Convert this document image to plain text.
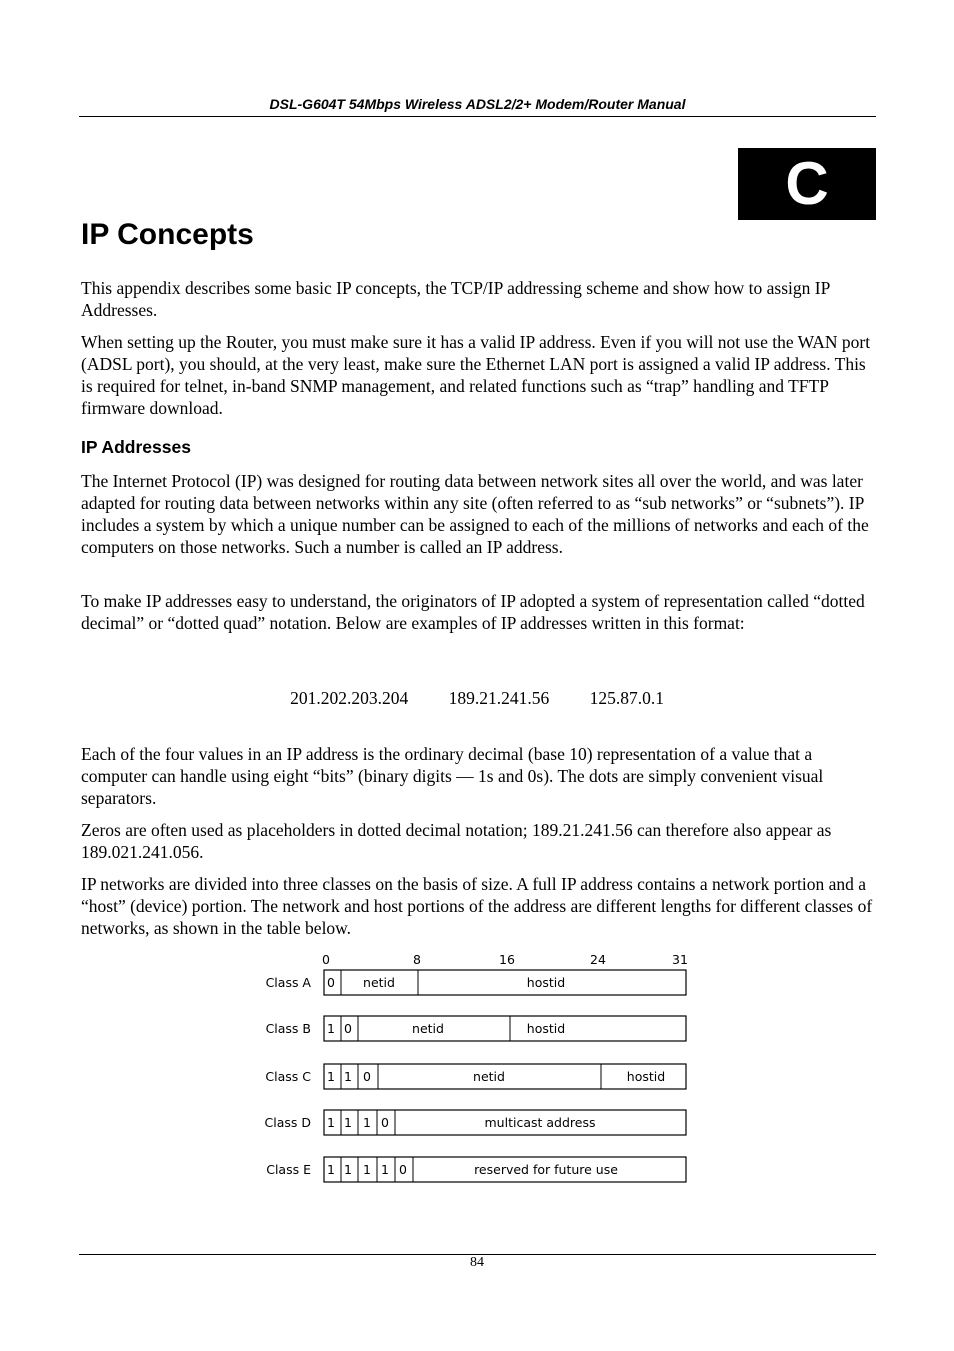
DSL-G604T 54Mbps Wireless ADSL2/2+ Modem/Router Manual
C
IP Concepts

This appendix describes some basic IP concepts, the TCP/IP addressing scheme and show how to assign IP Addresses.

When setting up the Router, you must make sure it has a valid IP address. Even if you will not use the WAN port (ADSL port), you should, at the very least, make sure the Ethernet LAN port is assigned a valid IP address. This is required for telnet, in-band SNMP management, and related functions such as “trap” handling and TFTP firmware download.

IP Addresses

The Internet Protocol (IP) was designed for routing data between network sites all over the world, and was later adapted for routing data between networks within any site (often referred to as “sub networks” or “subnets”). IP includes a system by which a unique number can be assigned to each of the millions of networks and each of the computers on those networks. Such a number is called an IP address.

To make IP addresses easy to understand, the originators of IP adopted a system of representation called “dotted decimal” or “dotted quad” notation. Below are examples of IP addresses written in this format:

201.202.203.204 189.21.241.56 125.87.0.1

Each of the four values in an IP address is the ordinary decimal (base 10) representation of a value that a computer can handle using eight “bits” (binary digits — 1s and 0s). The dots are simply convenient visual separators.

Zeros are often used as placeholders in dotted decimal notation; 189.21.241.56 can therefore also appear as 189.021.241.056.

IP networks are divided into three classes on the basis of size. A full IP address contains a network portion and a “host” (device) portion. The network and host portions of the address are different lengths for different classes of networks, as shown in the table below.

0	8	16	24	31
Class A 0 netid	hostid
Class B 1 0	netid	hostid
Class C 1 1 0	netid	hostid
Class D 1 1 1 0	multicast address
Class E 1 1 1 1 0	reserved for future use
84
